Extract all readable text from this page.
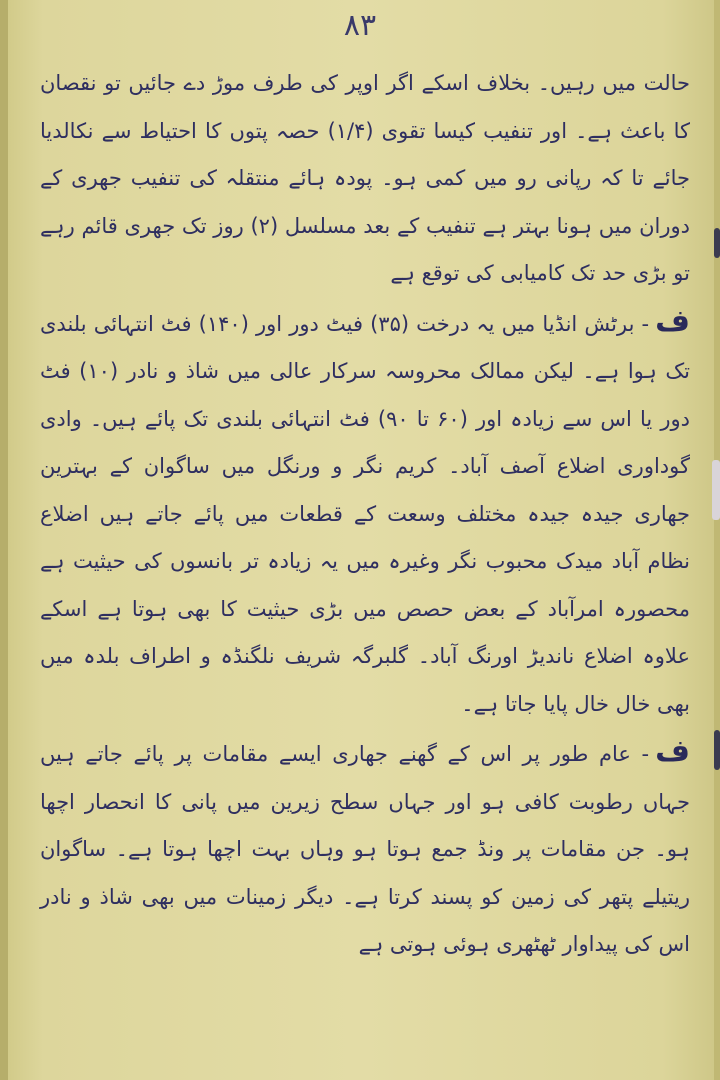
۸۳

حالت میں رہیں۔ بخلاف اسکے اگر اوپر کی طرف موڑ دے جائیں تو نقصان کا باعث ہے۔ اور تنفیب کیسا تقوی (۱/۴) حصہ پتوں کا احتیاط سے نکالدیا جائے تا کہ رپانی رو میں کمی ہو۔ پودہ ہائے منتقلہ کی تنفیب جھری کے دوران میں ہونا بہتر ہے تنفیب کے بعد مسلسل (۲) روز تک جھری قائم رہے تو بڑی حد تک کامیابی کی توقع ہے

ف- برٹش انڈیا میں یہ درخت (۳۵) فیٹ دور اور (۱۴۰) فٹ انتہائی بلندی تک ہوا ہے۔ لیکن ممالک محروسہ سرکار عالی میں شاذ و نادر (۱۰) فٹ دور یا اس سے زیادہ اور (۶۰ تا ۹۰) فٹ انتہائی بلندی تک پائے ہیں۔ وادی گوداوری اضلاع آصف آباد۔ کریم نگر و ورنگل میں ساگوان کے بہترین جھاری جیدہ جیدہ مختلف وسعت کے قطعات میں پائے جاتے ہیں اضلاع نظام آباد میدک محبوب نگر وغیرہ میں یہ زیادہ تر بانسوں کی حیثیت ہے محصورہ امرآباد کے بعض حصص میں بڑی حیثیت کا بھی ہوتا ہے اسکے علاوہ اضلاع ناندیڑ اورنگ آباد۔ گلبرگہ شریف نلگنڈہ و اطراف بلدہ میں بھی خال خال پایا جاتا ہے۔

ف- عام طور پر اس کے گھنے جھاری ایسے مقامات پر پائے جاتے ہیں جہاں رطوبت کافی ہو اور جہاں سطح زیرین میں پانی کا انحصار اچھا ہو۔ جن مقامات پر ونڈ جمع ہوتا ہو وہاں بہت اچھا ہوتا ہے۔ ساگوان ریتیلے پتھر کی زمین کو پسند کرتا ہے۔ دیگر زمینات میں بھی شاذ و نادر اس کی پیداوار ٹھٹھری ہوئی ہوتی ہے
